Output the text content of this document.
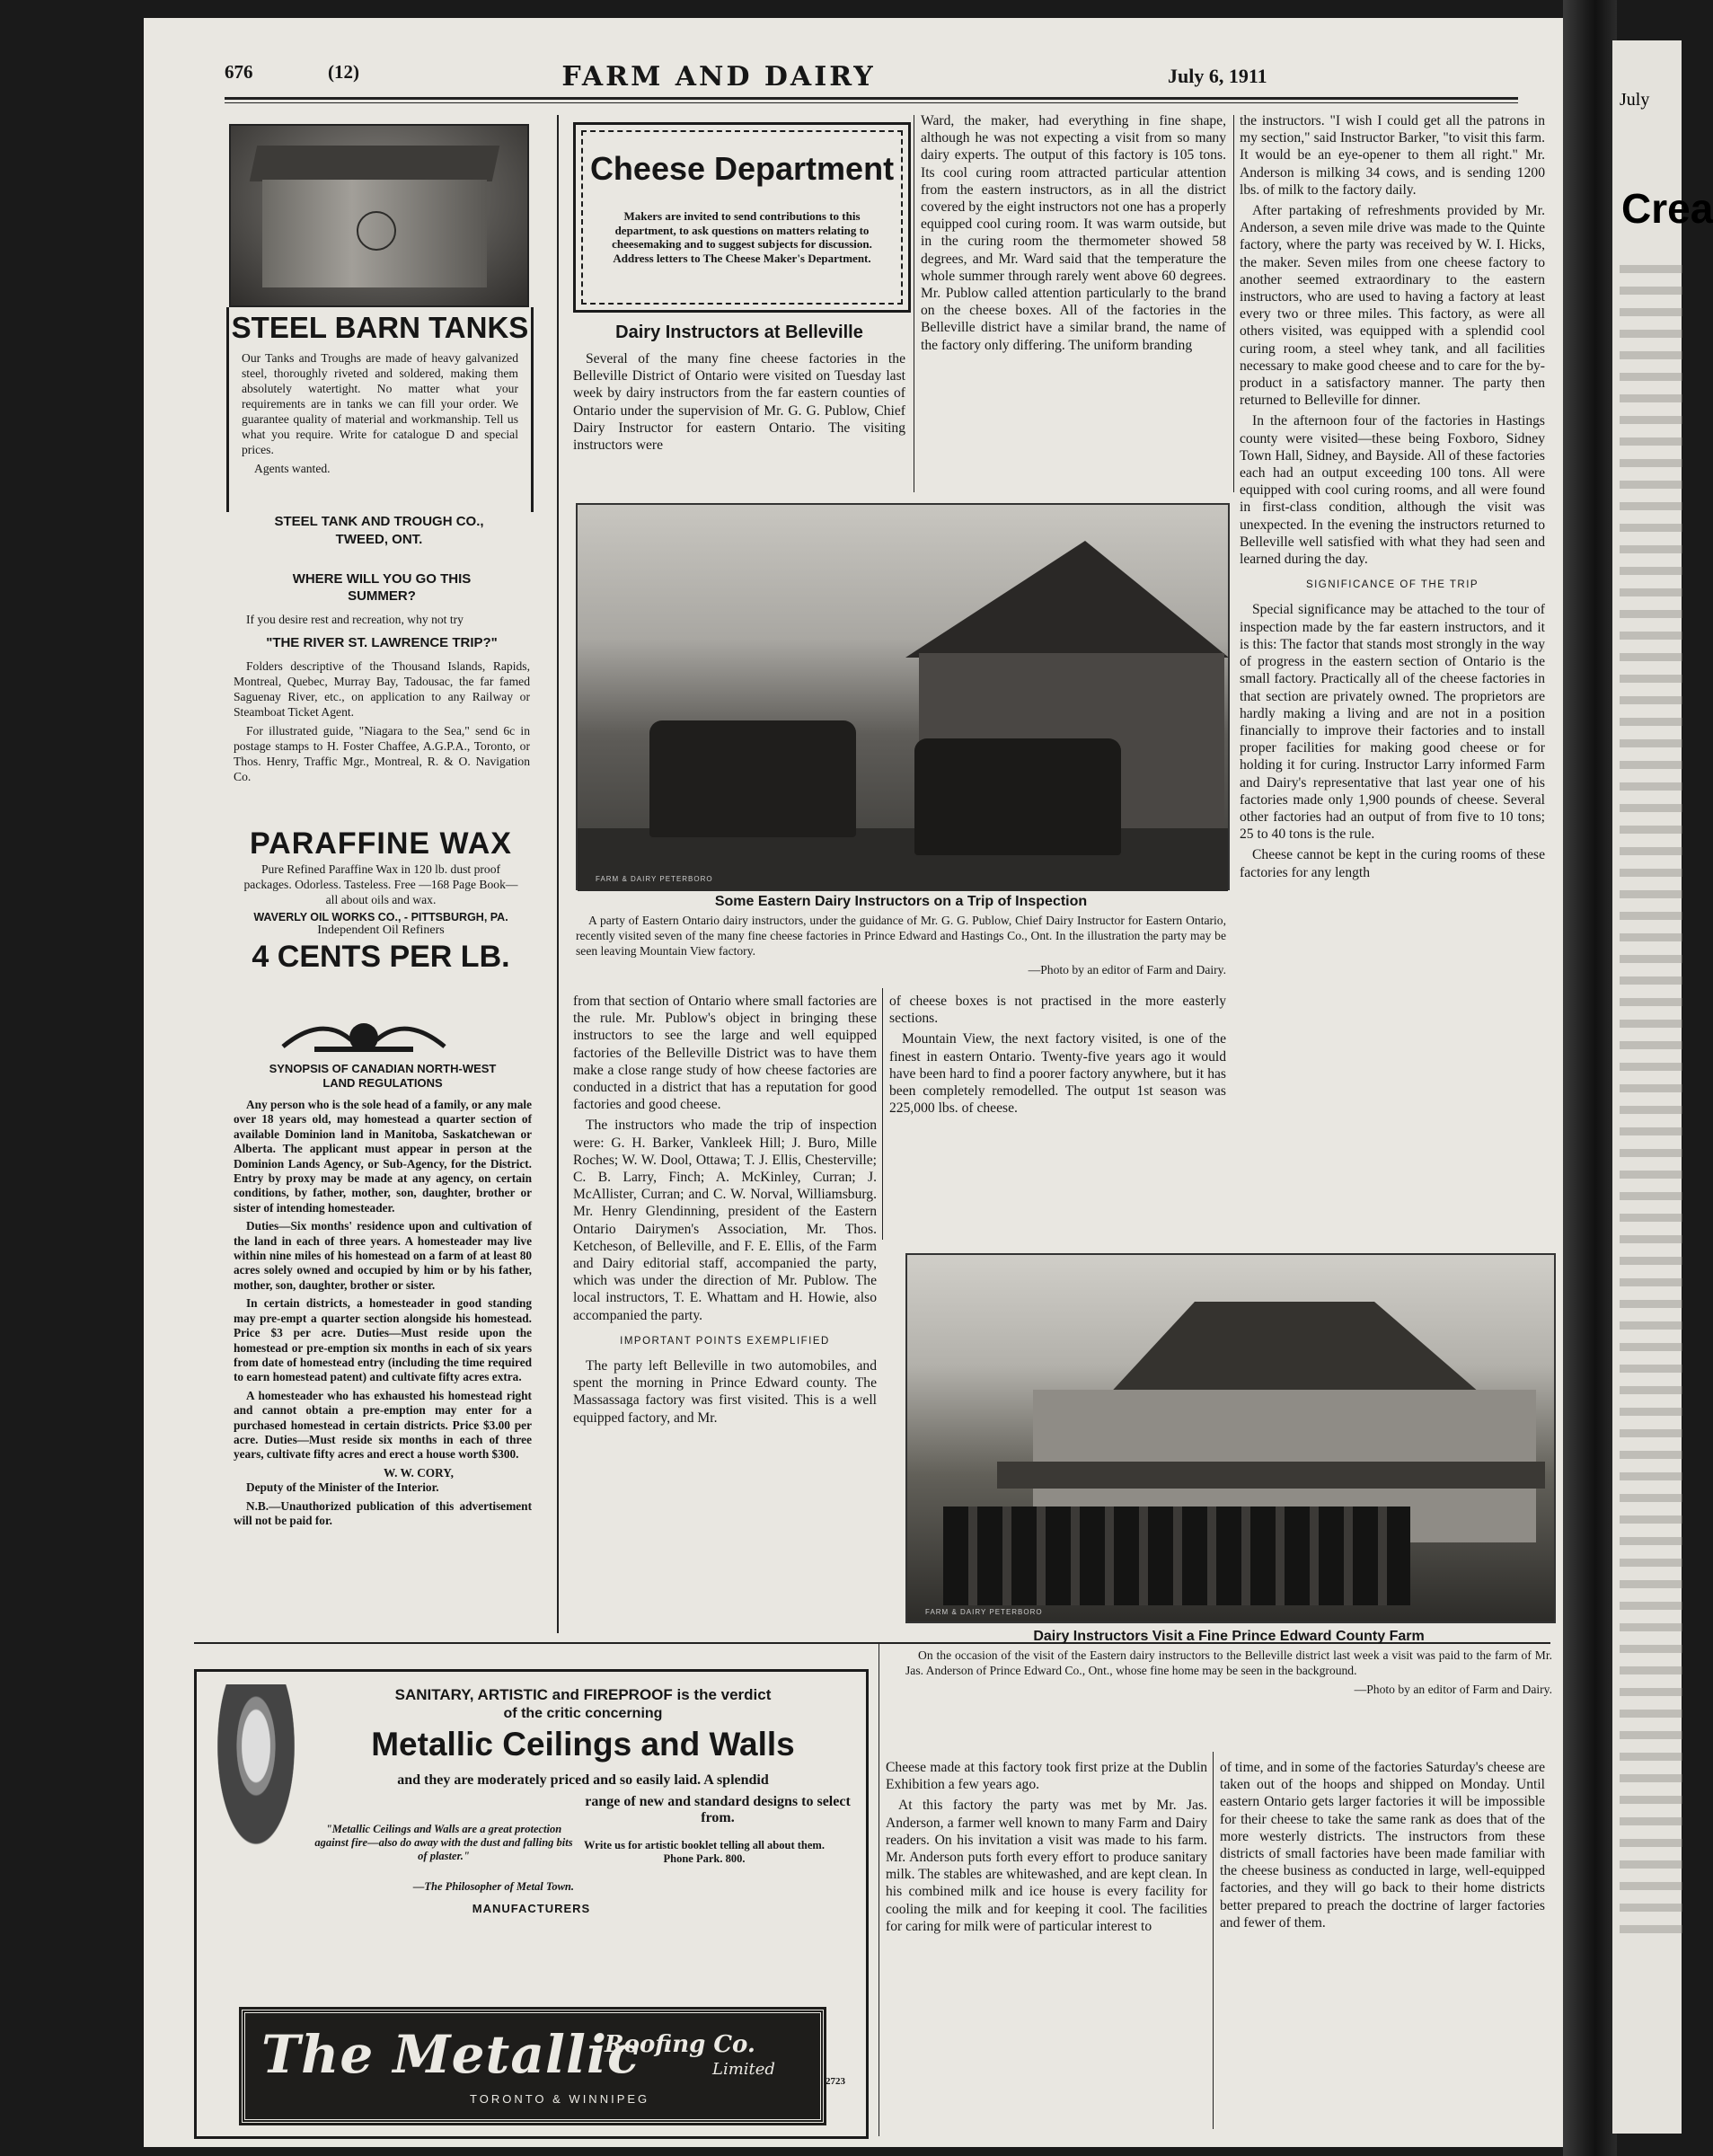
676	(12)	FARM AND DAIRY	July 6, 1911
STEEL BARN TANKS

Our Tanks and Troughs are made of heavy galvanized steel, thoroughly riveted and soldered, making them absolutely watertight. No matter what your requirements are in tanks we can fill your order. We guarantee quality of material and workmanship. Tell us what you require. Write for catalogue D and special prices.

Agents wanted.

STEEL TANK AND TROUGH CO.,
TWEED, ONT.
WHERE WILL YOU GO THIS SUMMER?

If you desire rest and recreation, why not try

"THE RIVER ST. LAWRENCE TRIP?"

Folders descriptive of the Thousand Islands, Rapids, Montreal, Quebec, Murray Bay, Tadousac, the far famed Saguenay River, etc., on application to any Railway or Steamboat Ticket Agent.

For illustrated guide, "Niagara to the Sea," send 6c in postage stamps to H. Foster Chaffee, A.G.P.A., Toronto, or Thos. Henry, Traffic Mgr., Montreal, R. & O. Navigation Co.

PARAFFINE WAX

Pure Refined Paraffine Wax in 120 lb. dust proof packages. Odorless. Tasteless. Free —168 Page Book—all about oils and wax.

WAVERLY OIL WORKS CO., - PITTSBURGH, PA.
Independent Oil Refiners
4 CENTS PER LB.
SYNOPSIS OF CANADIAN NORTH-WEST LAND REGULATIONS

Any person who is the sole head of a family, or any male over 18 years old, may homestead a quarter section of available Dominion land in Manitoba, Saskatchewan or Alberta. The applicant must appear in person at the Dominion Lands Agency, or Sub-Agency, for the District. Entry by proxy may be made at any agency, on certain conditions, by father, mother, son, daughter, brother or sister of intending homesteader.

Duties—Six months' residence upon and cultivation of the land in each of three years. A homesteader may live within nine miles of his homestead on a farm of at least 80 acres solely owned and occupied by him or by his father, mother, son, daughter, brother or sister.

In certain districts, a homesteader in good standing may pre-empt a quarter section alongside his homestead. Price $3 per acre. Duties—Must reside upon the homestead or pre-emption six months in each of six years from date of homestead entry (including the time required to earn homestead patent) and cultivate fifty acres extra.

A homesteader who has exhausted his homestead right and cannot obtain a pre-emption may enter for a purchased homestead in certain districts. Price $3.00 per acre. Duties—Must reside six months in each of three years, cultivate fifty acres and erect a house worth $300.

W. W. CORY,

Deputy of the Minister of the Interior.

N.B.—Unauthorized publication of this advertisement will not be paid for.

Cheese Department
Makers are invited to send contributions to this department, to ask questions on matters relating to cheesemaking and to suggest subjects for discussion. Address letters to The Cheese Maker's Department.
Dairy Instructors at Belleville

Several of the many fine cheese factories in the Belleville District of Ontario were visited on Tuesday last week by dairy instructors from the far eastern counties of Ontario under the supervision of Mr. G. G. Publow, Chief Dairy Instructor for eastern Ontario. The visiting instructors were

Ward, the maker, had everything in fine shape, although he was not expecting a visit from so many dairy experts. The output of this factory is 105 tons. Its cool curing room attracted particular attention from the eastern instructors, as in all the district covered by the eight instructors not one has a properly equipped cool curing room. It was warm outside, but in the curing room the thermometer showed 58 degrees, and Mr. Ward said that the temperature the whole summer through rarely went above 60 degrees. Mr. Publow called attention particularly to the brand on the cheese boxes. All of the factories in the Belleville district have a similar brand, the name of the factory only differing. The uniform branding

the instructors. "I wish I could get all the patrons in my section," said Instructor Barker, "to visit this farm. It would be an eye-opener to them all right." Mr. Anderson is milking 34 cows, and is sending 1200 lbs. of milk to the factory daily.

After partaking of refreshments provided by Mr. Anderson, a seven mile drive was made to the Quinte factory, where the party was received by W. I. Hicks, the maker. Seven miles from one cheese factory to another seemed extraordinary to the eastern instructors, who are used to having a factory at least every two or three miles. This factory, as were all others visited, was equipped with a splendid cool curing room, a steel whey tank, and all facilities necessary to make good cheese and to care for the by-product in a satisfactory manner. The party then returned to Belleville for dinner.

In the afternoon four of the factories in Hastings county were visited—these being Foxboro, Sidney Town Hall, Sidney, and Bayside. All of these factories each had an output exceeding 100 tons. All were equipped with cool curing rooms, and all were found in first-class condition, although the visit was unexpected. In the evening the instructors returned to Belleville well satisfied with what they had seen and learned during the day.

SIGNIFICANCE OF THE TRIP

Special significance may be attached to the tour of inspection made by the far eastern instructors, and it is this: The factor that stands most strongly in the way of progress in the eastern section of Ontario is the small factory. Practically all of the cheese factories in that section are privately owned. The proprietors are hardly making a living and are not in a position financially to improve their factories and to install proper facilities for making good cheese or for holding it for curing. Instructor Larry informed Farm and Dairy's representative that last year one of his factories made only 1,900 pounds of cheese. Several other factories had an output of from five to 10 tons; 25 to 40 tons is the rule.

Cheese cannot be kept in the curing rooms of these factories for any length

FARM & DAIRY PETERBORO
Some Eastern Dairy Instructors on a Trip of Inspection

A party of Eastern Ontario dairy instructors, under the guidance of Mr. G. G. Publow, Chief Dairy Instructor for Eastern Ontario, recently visited seven of the many fine cheese factories in Prince Edward and Hastings Co., Ont. In the illustration the party may be seen leaving Mountain View factory.

—Photo by an editor of Farm and Dairy.

from that section of Ontario where small factories are the rule. Mr. Publow's object in bringing these instructors to see the large and well equipped factories of the Belleville District was to have them make a close range study of how cheese factories are conducted in a district that has a reputation for good factories and good cheese.

The instructors who made the trip of inspection were: G. H. Barker, Vankleek Hill; J. Buro, Mille Roches; W. W. Dool, Ottawa; T. J. Ellis, Chesterville; C. B. Larry, Finch; A. McKinley, Curran; J. McAllister, Curran; and C. W. Norval, Williamsburg. Mr. Henry Glendinning, president of the Eastern Ontario Dairymen's Association, Mr. Thos. Ketcheson, of Belleville, and F. E. Ellis, of the Farm and Dairy editorial staff, accompanied the party, which was under the direction of Mr. Publow. The local instructors, T. E. Whattam and H. Howie, also accompanied the party.

IMPORTANT POINTS EXEMPLIFIED

The party left Belleville in two automobiles, and spent the morning in Prince Edward county. The Massassaga factory was first visited. This is a well equipped factory, and Mr.

of cheese boxes is not practised in the more easterly sections.

Mountain View, the next factory visited, is one of the finest in eastern Ontario. Twenty-five years ago it would have been hard to find a poorer factory anywhere, but it has been completely remodelled. The output 1st season was 225,000 lbs. of cheese.

FARM & DAIRY PETERBORO
Dairy Instructors Visit a Fine Prince Edward County Farm

On the occasion of the visit of the Eastern dairy instructors to the Belleville district last week a visit was paid to the farm of Mr. Jas. Anderson of Prince Edward Co., Ont., whose fine home may be seen in the background.

—Photo by an editor of Farm and Dairy.

Cheese made at this factory took first prize at the Dublin Exhibition a few years ago.

At this factory the party was met by Mr. Jas. Anderson, a farmer well known to many Farm and Dairy readers. On his invitation a visit was made to his farm. Mr. Anderson puts forth every effort to produce sanitary milk. The stables are whitewashed, and are kept clean. In his combined milk and ice house is every facility for cooling the milk and for keeping it cool. The facilities for caring for milk were of particular interest to

of time, and in some of the factories Saturday's cheese are taken out of the hoops and shipped on Monday. Until eastern Ontario gets larger factories it will be impossible for their cheese to take the same rank as does that of the more westerly districts. The instructors from these districts of small factories have been made familiar with the cheese business as conducted in large, well-equipped factories, and they will go back to their home districts better prepared to preach the doctrine of larger factories and fewer of them.

SANITARY, ARTISTIC and FIREPROOF is the verdict
of the critic concerning
Metallic Ceilings and Walls
and they are moderately priced and so easily laid. A splendid
range of new and standard designs to select from.
"Metallic Ceilings and Walls are a great protection against fire—also do away with the dust and falling bits of plaster."
—The Philosopher of Metal Town.
Write us for artistic booklet telling all about them. Phone Park. 800.
MANUFACTURERS
2723
The Metallic
Roofing Co.
Limited
TORONTO & WINNIPEG
July
Crea
